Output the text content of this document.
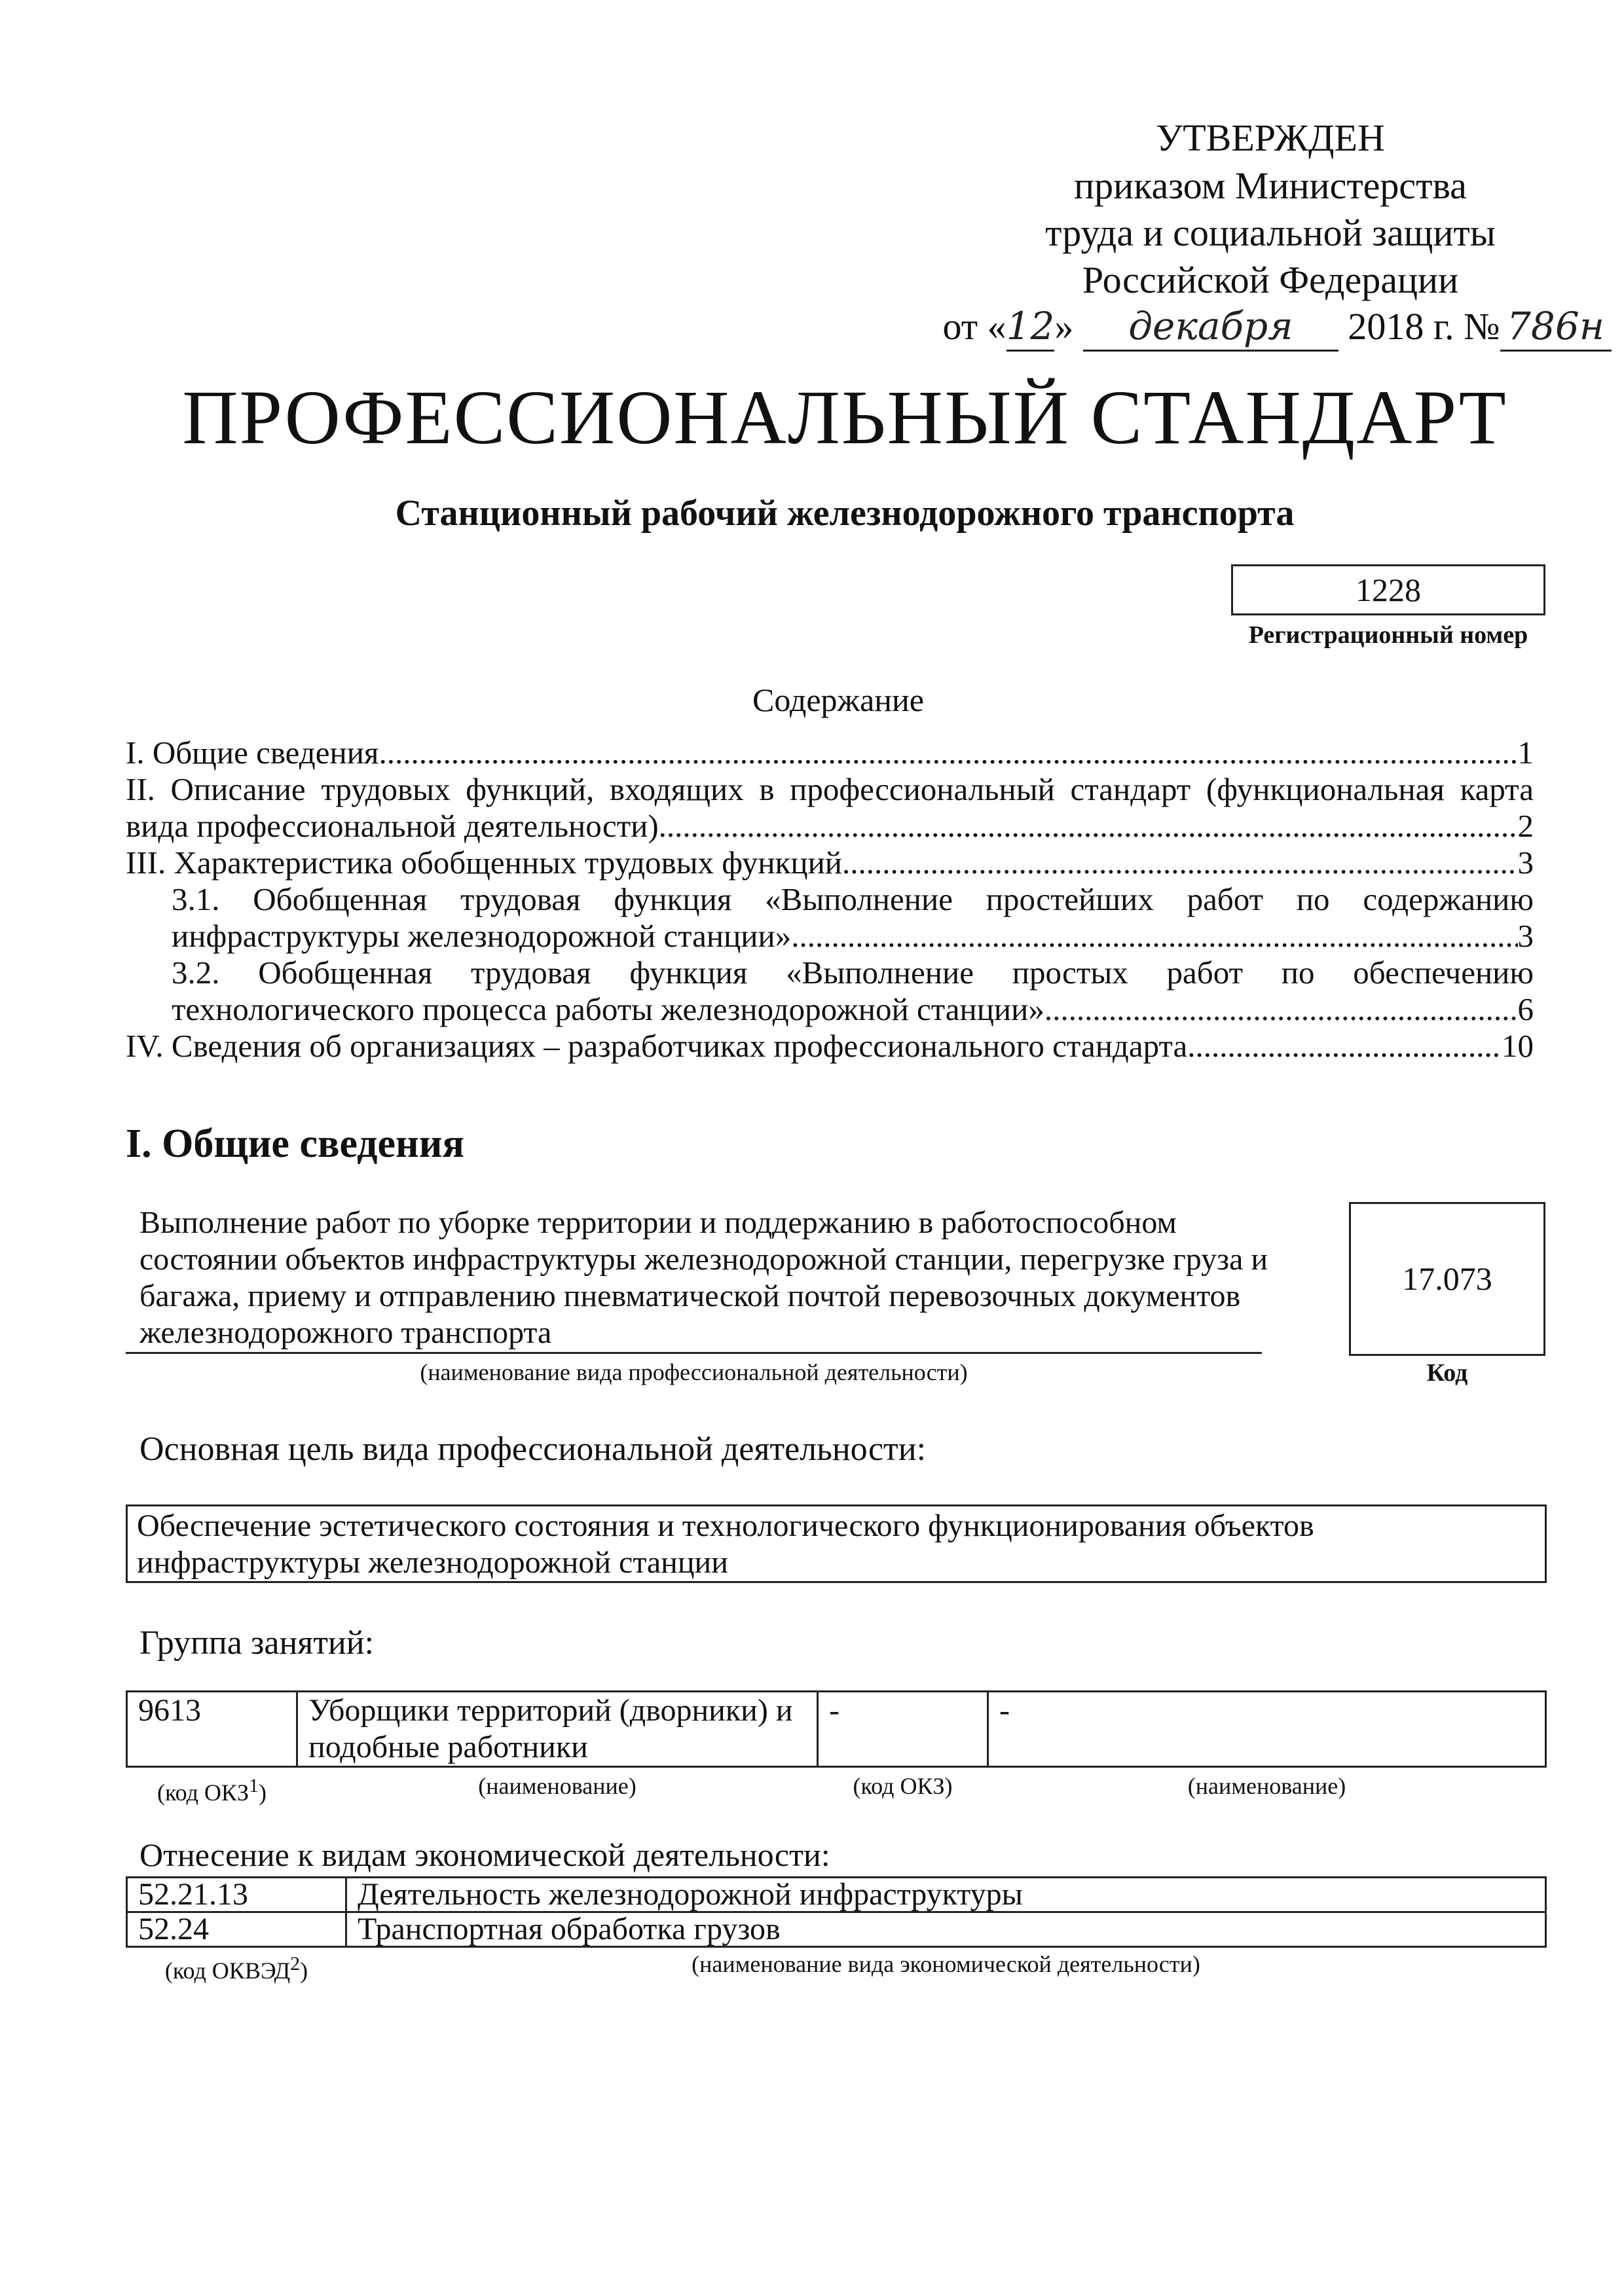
УТВЕРЖДЕН
приказом Министерства
труда и социальной защиты
Российской Федерации
от «12» декабря 2018 г. № 786н
ПРОФЕССИОНАЛЬНЫЙ СТАНДАРТ
Станционный рабочий железнодорожного транспорта
1228
Регистрационный номер
Содержание
I. Общие сведения .....	1
II. Описание трудовых функций, входящих в профессиональный стандарт (функциональная карта
вида профессиональной деятельности) .....	2
III. Характеристика обобщенных трудовых функций .....	3
3.1. Обобщенная трудовая функция «Выполнение простейших работ по содержанию
инфраструктуры железнодорожной станции» .....	3
3.2. Обобщенная трудовая функция «Выполнение простых работ по обеспечению
технологического процесса работы железнодорожной станции» .....	6
IV. Сведения об организациях – разработчиках профессионального стандарта .....	10
I. Общие сведения
Выполнение работ по уборке территории и поддержанию в работоспособном состоянии объектов инфраструктуры железнодорожной станции, перегрузке груза и багажа, приему и отправлению пневматической почтой перевозочных документов железнодорожного транспорта
(наименование вида профессиональной деятельности)
17.073
Код
Основная цель вида профессиональной деятельности:
Обеспечение эстетического состояния и технологического функционирования объектов инфраструктуры железнодорожной станции
Группа занятий:
9613	Уборщики территорий (дворники) и подобные работники	-	-
(код ОКЗ$^1$)	(наименование)	(код ОКЗ)	(наименование)
Отнесение к видам экономической деятельности:
52.21.13	Деятельность железнодорожной инфраструктуры
52.24	Транспортная обработка грузов
(код ОКВЭД$^2$)	(наименование вида экономической деятельности)
